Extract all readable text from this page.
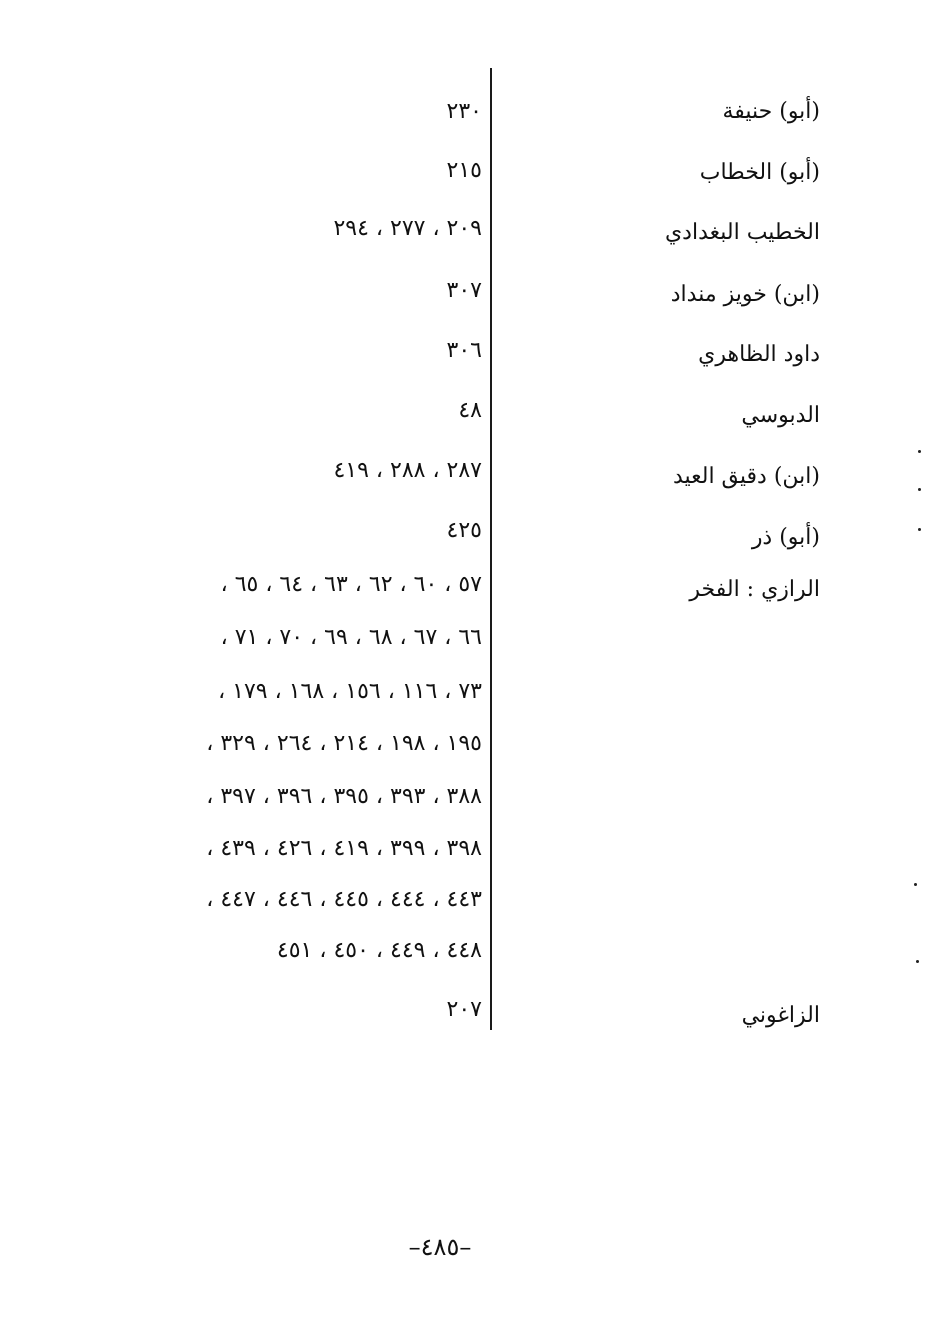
(أبو) حنيفة
٢٣٠
(أبو) الخطاب
٢١٥
الخطيب البغدادي
٢٠٩ ، ٢٧٧ ، ٢٩٤
(ابن) خويز منداد
٣٠٧
داود الظاهري
٣٠٦
الدبوسي
٤٨
(ابن) دقيق العيد
٢٨٧ ، ٢٨٨ ، ٤١٩
(أبو) ذر
٤٢٥
الرازي : الفخر
٥٧ ، ٦٠ ، ٦٢ ، ٦٣ ، ٦٤ ، ٦٥ ،
٦٦ ، ٦٧ ، ٦٨ ، ٦٩ ، ٧٠ ، ٧١ ،
٧٣ ، ١١٦ ، ١٥٦ ، ١٦٨ ، ١٧٩ ،
١٩٥ ، ١٩٨ ، ٢١٤ ، ٢٦٤ ، ٣٢٩ ،
٣٨٨ ، ٣٩٣ ، ٣٩٥ ، ٣٩٦ ، ٣٩٧ ،
٣٩٨ ، ٣٩٩ ، ٤١٩ ، ٤٢٦ ، ٤٣٩ ،
٤٤٣ ، ٤٤٤ ، ٤٤٥ ، ٤٤٦ ، ٤٤٧ ،
٤٤٨ ، ٤٤٩ ، ٤٥٠ ، ٤٥١
الزاغوني
٢٠٧
–٤٨٥–
